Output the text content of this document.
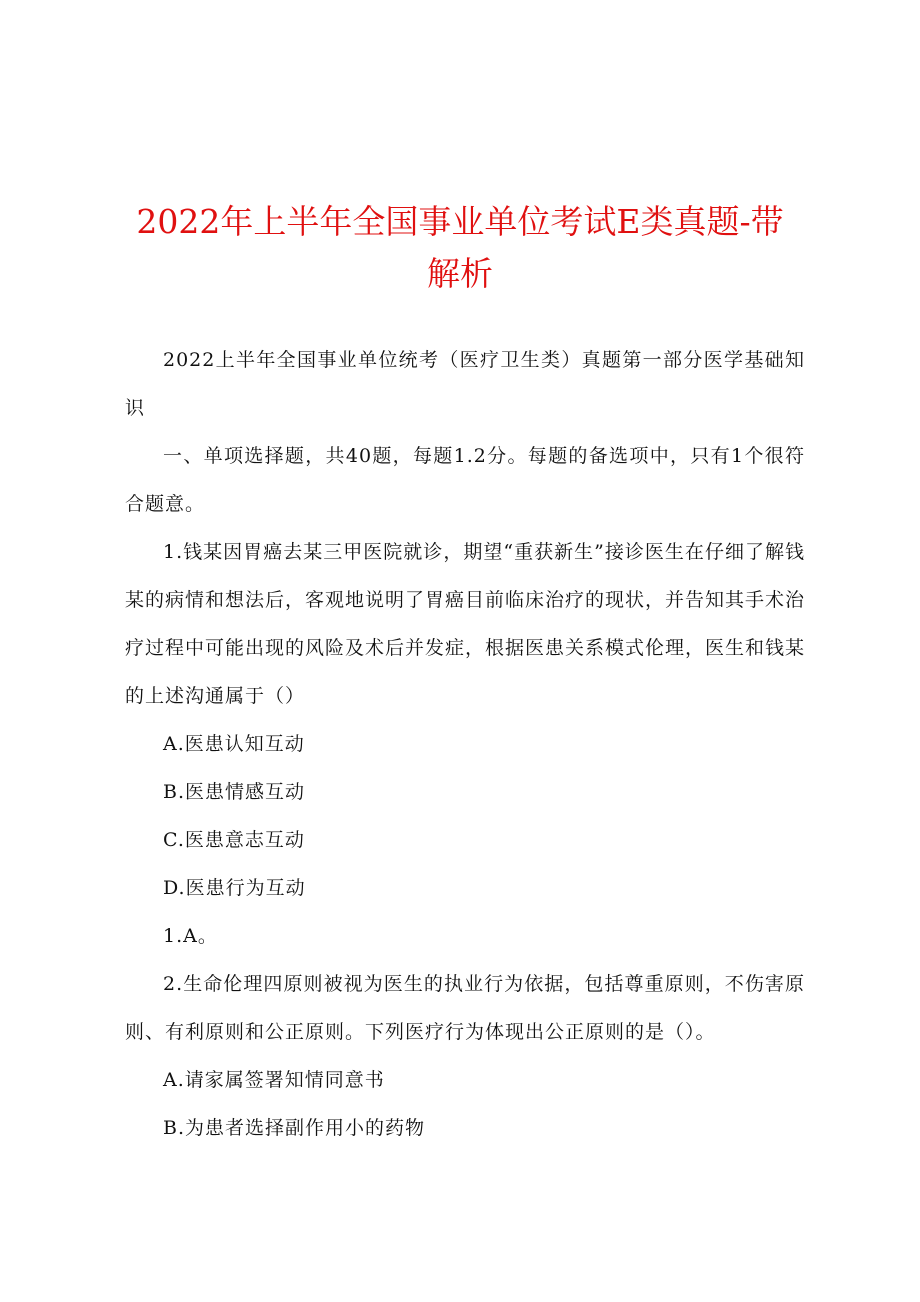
2022年上半年全国事业单位考试E类真题-带
解析

2022上半年全国事业单位统考（医疗卫生类）真题第一部分医学基础知识

一、单项选择题，共40题，每题1.2分。每题的备选项中，只有1个很符合题意。

1.钱某因胃癌去某三甲医院就诊，期望“重获新生”接诊医生在仔细了解钱某的病情和想法后，客观地说明了胃癌目前临床治疗的现状，并告知其手术治疗过程中可能出现的风险及术后并发症，根据医患关系模式伦理，医生和钱某的上述沟通属于（）

A.医患认知互动

B.医患情感互动

C.医患意志互动

D.医患行为互动

1.A。

2.生命伦理四原则被视为医生的执业行为依据，包括尊重原则，不伤害原则、有利原则和公正原则。下列医疗行为体现出公正原则的是（）。

A.请家属签署知情同意书

B.为患者选择副作用小的药物
